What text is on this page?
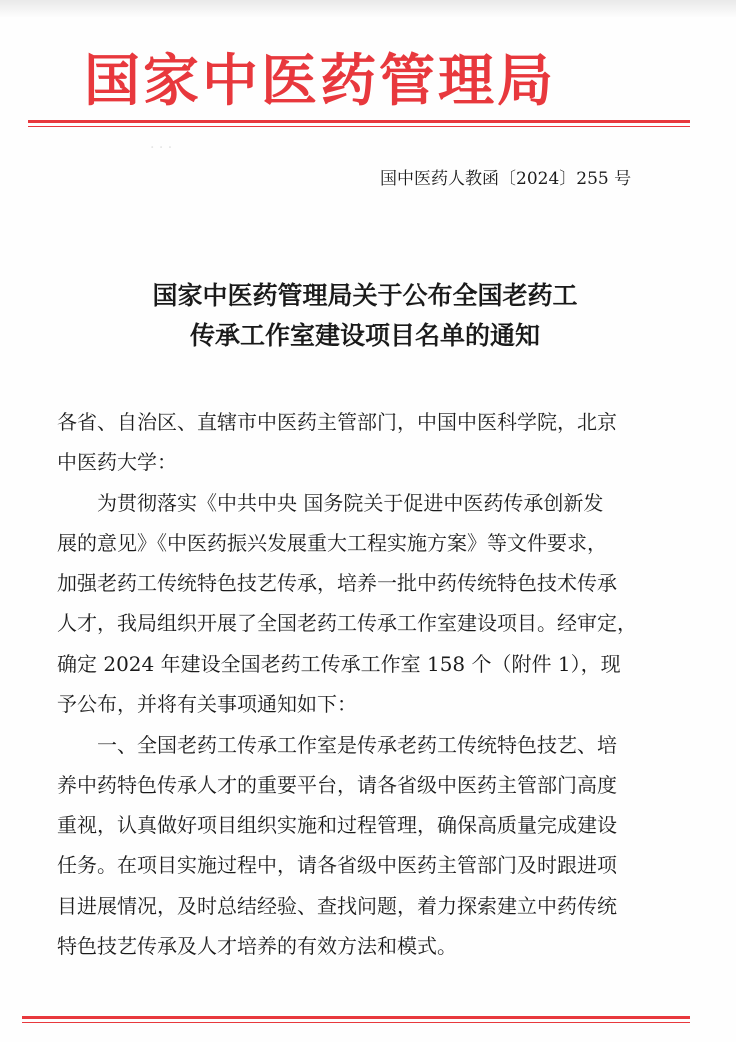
· · ·
国家中医药管理局
国中医药人教函〔2024〕255 号
国家中医药管理局关于公布全国老药工
传承工作室建设项目名单的通知
各省、自治区、直辖市中医药主管部门，中国中医科学院，北京
中医药大学：
为贯彻落实《中共中央 国务院关于促进中医药传承创新发
展的意见》《中医药振兴发展重大工程实施方案》等文件要求，
加强老药工传统特色技艺传承，培养一批中药传统特色技术传承
人才，我局组织开展了全国老药工传承工作室建设项目。经审定，
确定 2024 年建设全国老药工传承工作室 158 个（附件 1），现
予公布，并将有关事项通知如下：
一、全国老药工传承工作室是传承老药工传统特色技艺、培
养中药特色传承人才的重要平台，请各省级中医药主管部门高度
重视，认真做好项目组织实施和过程管理，确保高质量完成建设
任务。在项目实施过程中，请各省级中医药主管部门及时跟进项
目进展情况，及时总结经验、查找问题，着力探索建立中药传统
特色技艺传承及人才培养的有效方法和模式。
